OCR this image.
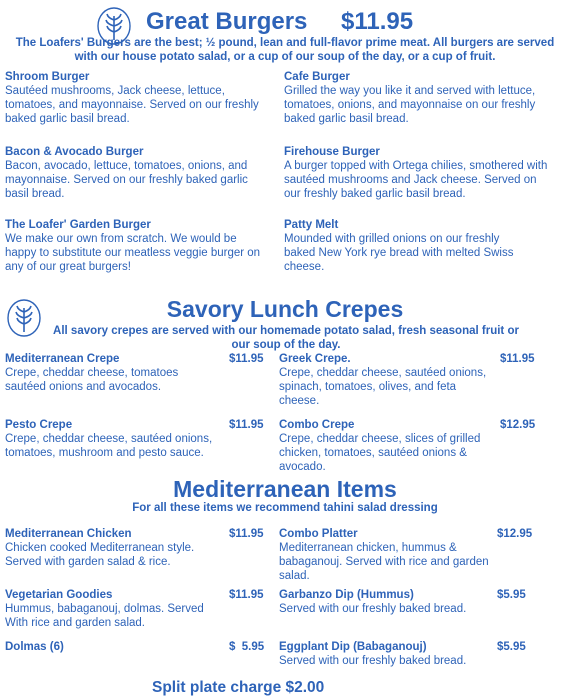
Great Burgers $11.95
The Loafers' Burgers are the best; ½ pound, lean and full-flavor prime meat. All burgers are served with our house potato salad, or a cup of our soup of the day, or a cup of fruit.
Shroom Burger
Sautéed mushrooms, Jack cheese, lettuce, tomatoes, and mayonnaise. Served on our freshly baked garlic basil bread.
Cafe Burger
Grilled the way you like it and served with lettuce, tomatoes, onions, and mayonnaise on our freshly baked garlic basil bread.
Bacon & Avocado Burger
Bacon, avocado, lettuce, tomatoes, onions, and mayonnaise. Served on our freshly baked garlic basil bread.
Firehouse Burger
A burger topped with Ortega chilies, smothered with sautéed mushrooms and Jack cheese. Served on our freshly baked garlic basil bread.
The Loafer' Garden Burger
We make our own from scratch. We would be happy to substitute our meatless veggie burger on any of our great burgers!
Patty Melt
Mounded with grilled onions on our freshly baked New York rye bread with melted Swiss cheese.
Savory Lunch Crepes
All savory crepes are served with our homemade potato salad, fresh seasonal fruit or our soup of the day.
Mediterranean Crepe
Crepe, cheddar cheese, tomatoes sautéed onions and avocados.
$11.95 Greek Crepe.
Crepe, cheddar cheese, sautéed onions, spinach, tomatoes, olives, and feta cheese.
$11.95
Pesto Crepe
Crepe, cheddar cheese, sautéed onions, tomatoes, mushroom and pesto sauce.
$11.95 Combo Crepe
Crepe, cheddar cheese, slices of grilled chicken, tomatoes, sautéed onions & avocado.
$12.95
Mediterranean Items
For all these items we recommend tahini salad dressing
Mediterranean Chicken
Chicken cooked Mediterranean style. Served with garden salad & rice.
$11.95 Combo Platter
Mediterranean chicken, hummus & babaganouj. Served with rice and garden salad.
$12.95
Vegetarian Goodies
Hummus, babaganouj, dolmas. Served With rice and garden salad.
$11.95 Garbanzo Dip (Hummus)
Served with our freshly baked bread.
$5.95
Dolmas (6)	$  5.95 Eggplant Dip (Babaganouj)
Served with our freshly baked bread.
$5.95
Split plate charge $2.00
